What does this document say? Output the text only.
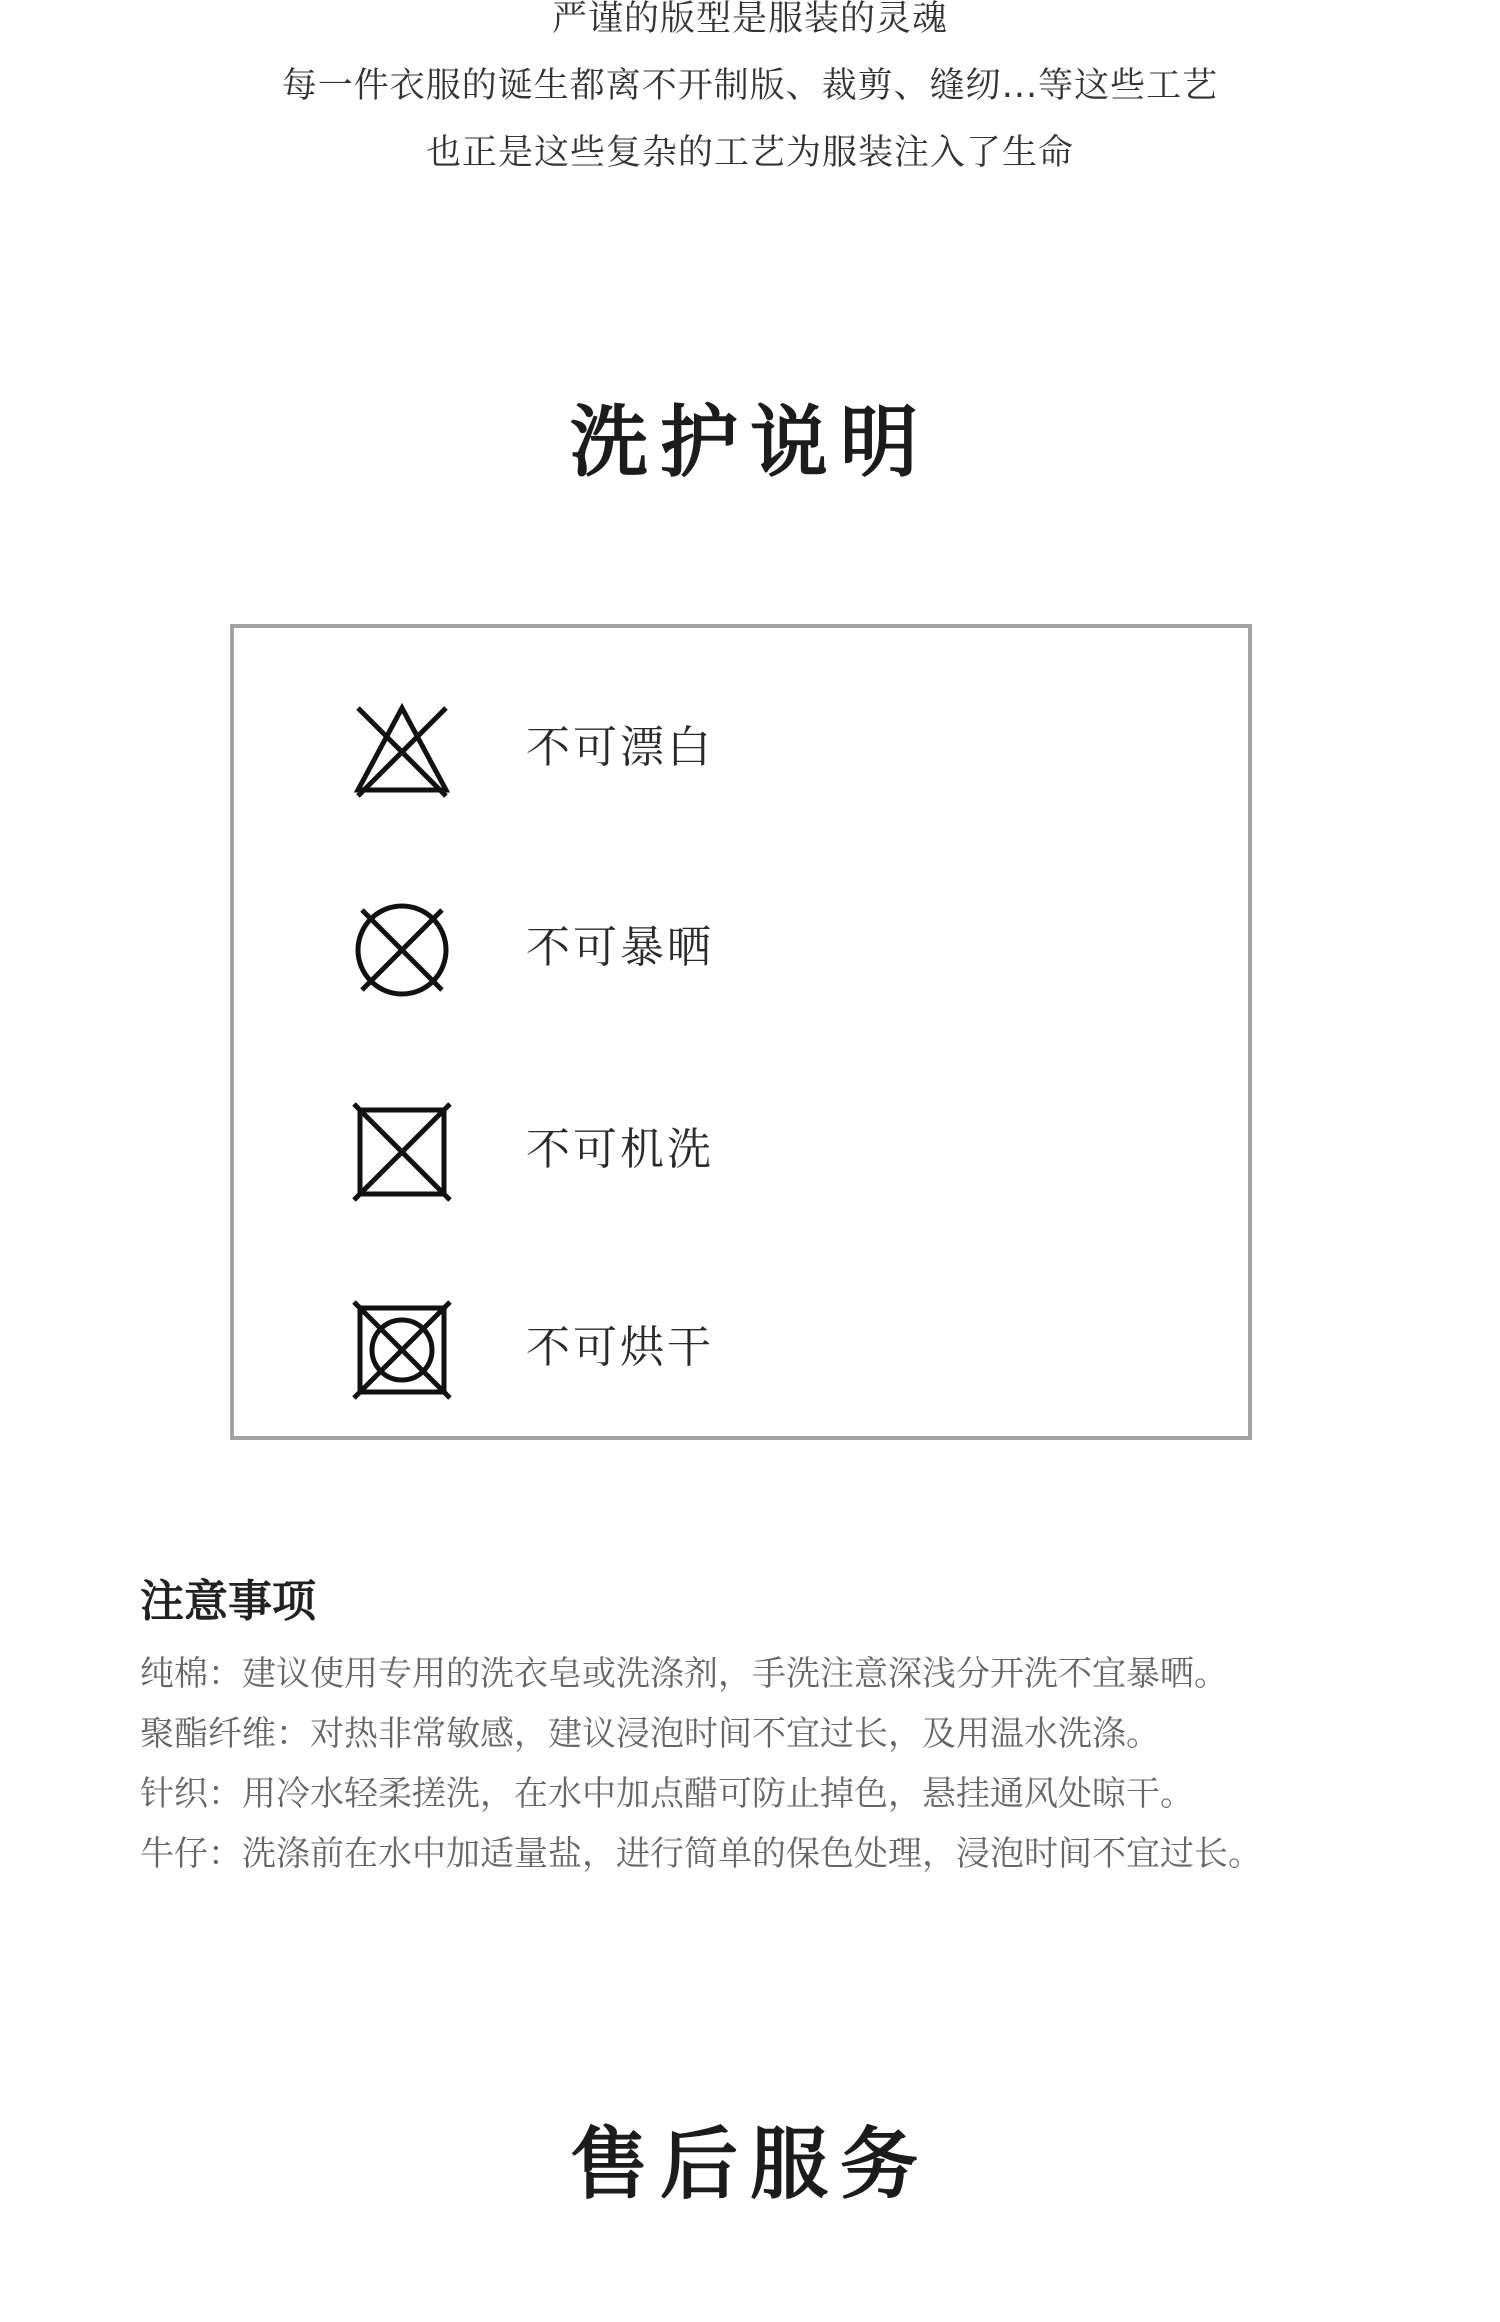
严谨的版型是服装的灵魂
每一件衣服的诞生都离不开制版、裁剪、缝纫...等这些工艺
也正是这些复杂的工艺为服装注入了生命
洗护说明
不可漂白
不可暴晒
不可机洗
不可烘干
注意事项
纯棉：建议使用专用的洗衣皂或洗涤剂，手洗注意深浅分开洗不宜暴晒。
聚酯纤维：对热非常敏感，建议浸泡时间不宜过长，及用温水洗涤。
针织：用冷水轻柔搓洗，在水中加点醋可防止掉色，悬挂通风处晾干。
牛仔：洗涤前在水中加适量盐，进行简单的保色处理，浸泡时间不宜过长。
售后服务
